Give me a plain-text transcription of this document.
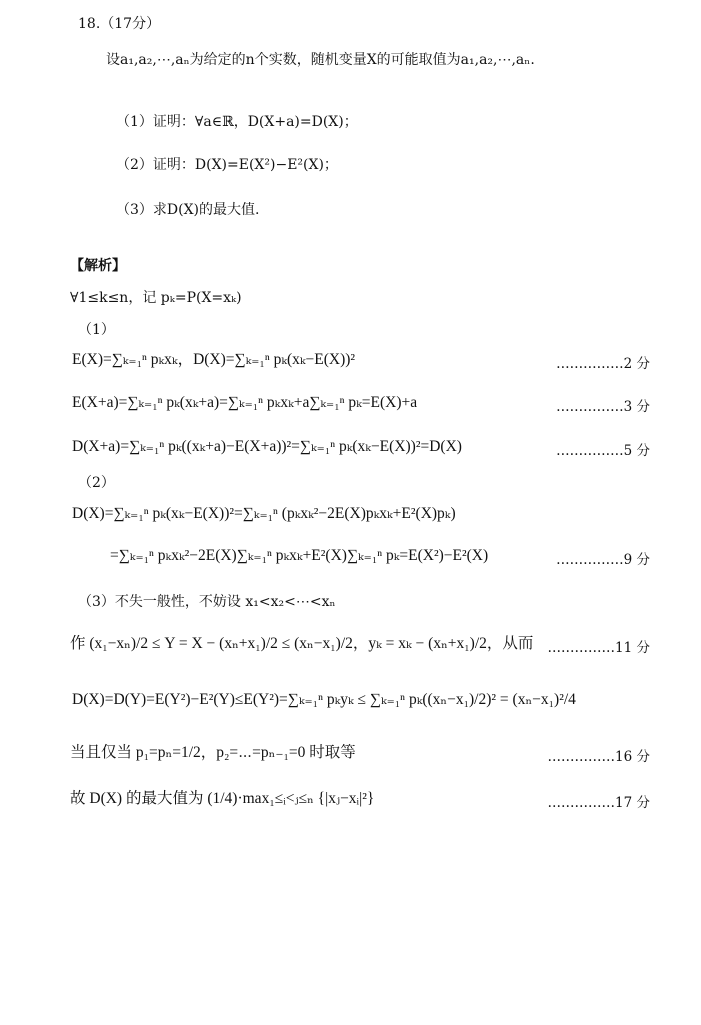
18.（17分）
设a₁,a₂,⋯,aₙ为给定的n个实数，随机变量X的可能取值为a₁,a₂,⋯,aₙ.
（1）证明：∀a∈ℝ，D(X+a)=D(X)；
（2）证明：D(X)=E(X²)−E²(X)；
（3）求D(X)的最大值.
【解析】
∀1≤k≤n，记 pₖ=P(X=xₖ)
（1）
E(X)=∑ₖ₌₁ⁿ pₖxₖ，D(X)=∑ₖ₌₁ⁿ pₖ(xₖ−E(X))²	……………2 分
E(X+a)=∑ₖ₌₁ⁿ pₖ(xₖ+a)=∑ₖ₌₁ⁿ pₖxₖ+a∑ₖ₌₁ⁿ pₖ=E(X)+a	……………3 分
D(X+a)=∑ₖ₌₁ⁿ pₖ((xₖ+a)−E(X+a))²=∑ₖ₌₁ⁿ pₖ(xₖ−E(X))²=D(X)	……………5 分
（2）
D(X)=∑ₖ₌₁ⁿ pₖ(xₖ−E(X))²=∑ₖ₌₁ⁿ (pₖxₖ²−2E(X)pₖxₖ+E²(X)pₖ)
=∑ₖ₌₁ⁿ pₖxₖ²−2E(X)∑ₖ₌₁ⁿ pₖxₖ+E²(X)∑ₖ₌₁ⁿ pₖ=E(X²)−E²(X)	……………9 分
（3）不失一般性，不妨设 x₁<x₂<⋯<xₙ
作 (x₁−xₙ)/2 ≤ Y = X − (xₙ+x₁)/2 ≤ (xₙ−x₁)/2，yₖ = xₖ − (xₙ+x₁)/2，从而	……………11 分
D(X)=D(Y)=E(Y²)−E²(Y)≤E(Y²)=∑ₖ₌₁ⁿ pₖyₖ ≤ ∑ₖ₌₁ⁿ pₖ((xₙ−x₁)/2)² = (xₙ−x₁)²/4
当且仅当 p₁=pₙ=1/2，p₂=⋯=pₙ₋₁=0 时取等	……………16 分
故 D(X) 的最大值为 (1/4)·max₁≤ᵢ<ⱼ≤ₙ {|xⱼ−xᵢ|²}	……………17 分
